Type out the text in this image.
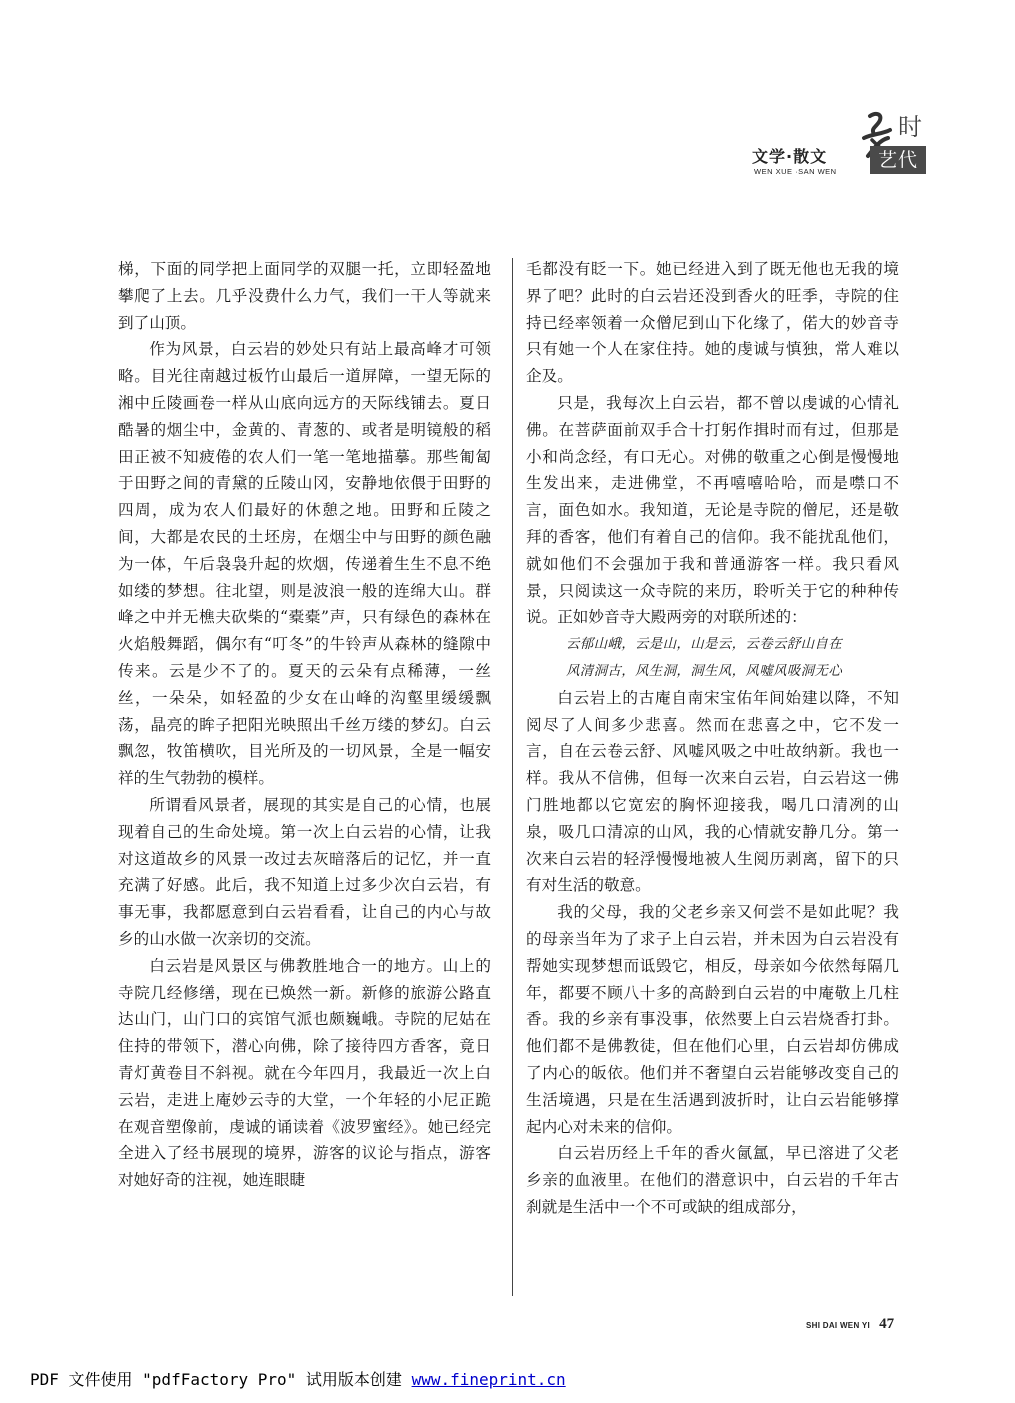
文学·散文
WEN XUE ·SAN WEN
时
艺代

梯，下面的同学把上面同学的双腿一托，立即轻盈地攀爬了上去。几乎没费什么力气，我们一干人等就来到了山顶。

作为风景，白云岩的妙处只有站上最高峰才可领略。目光往南越过板竹山最后一道屏障，一望无际的湘中丘陵画卷一样从山底向远方的天际线铺去。夏日酷暑的烟尘中，金黄的、青葱的、或者是明镜般的稻田正被不知疲倦的农人们一笔一笔地描摹。那些匍匐于田野之间的青黛的丘陵山冈，安静地依偎于田野的四周，成为农人们最好的休憩之地。田野和丘陵之间，大都是农民的土坯房，在烟尘中与田野的颜色融为一体，午后袅袅升起的炊烟，传递着生生不息不绝如缕的梦想。往北望，则是波浪一般的连绵大山。群峰之中并无樵夫砍柴的“橐橐”声，只有绿色的森林在火焰般舞蹈，偶尔有“叮冬”的牛铃声从森林的缝隙中传来。云是少不了的。夏天的云朵有点稀薄，一丝丝，一朵朵，如轻盈的少女在山峰的沟壑里缓缓飘荡，晶亮的眸子把阳光映照出千丝万缕的梦幻。白云飘忽，牧笛横吹，目光所及的一切风景，全是一幅安祥的生气勃勃的模样。

所谓看风景者，展现的其实是自己的心情，也展现着自己的生命处境。第一次上白云岩的心情，让我对这道故乡的风景一改过去灰暗落后的记忆，并一直充满了好感。此后，我不知道上过多少次白云岩，有事无事，我都愿意到白云岩看看，让自己的内心与故乡的山水做一次亲切的交流。

白云岩是风景区与佛教胜地合一的地方。山上的寺院几经修缮，现在已焕然一新。新修的旅游公路直达山门，山门口的宾馆气派也颇巍峨。寺院的尼姑在住持的带领下，潜心向佛，除了接待四方香客，竟日青灯黄卷目不斜视。就在今年四月，我最近一次上白云岩，走进上庵妙云寺的大堂，一个年轻的小尼正跪在观音塑像前，虔诚的诵读着《波罗蜜经》。她已经完全进入了经书展现的境界，游客的议论与指点，游客对她好奇的注视，她连眼睫

毛都没有眨一下。她已经进入到了既无他也无我的境界了吧？此时的白云岩还没到香火的旺季，寺院的住持已经率领着一众僧尼到山下化缘了，偌大的妙音寺只有她一个人在家住持。她的虔诚与慎独，常人难以企及。

只是，我每次上白云岩，都不曾以虔诚的心情礼佛。在菩萨面前双手合十打躬作揖时而有过，但那是小和尚念经，有口无心。对佛的敬重之心倒是慢慢地生发出来，走进佛堂，不再嘻嘻哈哈，而是噤口不言，面色如水。我知道，无论是寺院的僧尼，还是敬拜的香客，他们有着自己的信仰。我不能扰乱他们，就如他们不会强加于我和普通游客一样。我只看风景，只阅读这一众寺院的来历，聆听关于它的种种传说。正如妙音寺大殿两旁的对联所述的：

云郁山峨，云是山，山是云，云卷云舒山自在

风清洞古，风生洞，洞生风，风嘘风吸洞无心

白云岩上的古庵自南宋宝佑年间始建以降，不知阅尽了人间多少悲喜。然而在悲喜之中，它不发一言，自在云卷云舒、风嘘风吸之中吐故纳新。我也一样。我从不信佛，但每一次来白云岩，白云岩这一佛门胜地都以它宽宏的胸怀迎接我，喝几口清冽的山泉，吸几口清凉的山风，我的心情就安静几分。第一次来白云岩的轻浮慢慢地被人生阅历剥离，留下的只有对生活的敬意。

我的父母，我的父老乡亲又何尝不是如此呢？我的母亲当年为了求子上白云岩，并未因为白云岩没有帮她实现梦想而诋毁它，相反，母亲如今依然每隔几年，都要不顾八十多的高龄到白云岩的中庵敬上几柱香。我的乡亲有事没事，依然要上白云岩烧香打卦。他们都不是佛教徒，但在他们心里，白云岩却仿佛成了内心的皈依。他们并不奢望白云岩能够改变自己的生活境遇，只是在生活遇到波折时，让白云岩能够撑起内心对未来的信仰。

白云岩历经上千年的香火氤氲，早已溶进了父老乡亲的血液里。在他们的潜意识中，白云岩的千年古刹就是生活中一个不可或缺的组成部分，

SHI DAI WEN YI 47
PDF 文件使用 "pdfFactory Pro" 试用版本创建 www.fineprint.cn
